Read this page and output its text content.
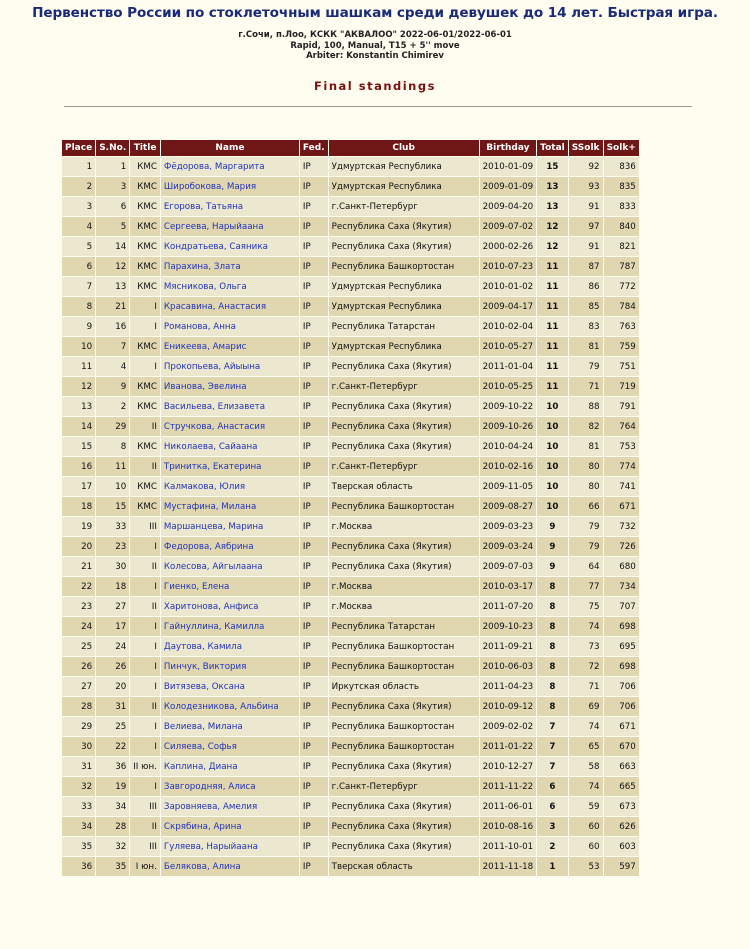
Первенство России по стоклеточным шашкам среди девушек до 14 лет. Быстрая игра.
г.Сочи, п.Лоо, КСКК "АКВАЛОО" 2022-06-01/2022-06-01
Rapid, 100, Manual, T15 + 5'' move
Arbiter: Konstantin Chimirev
Final standings
Place	S.No.	Title	Name	Fed.	Club	Birthday	Total	SSolk	Solk+
1	1	КМС	Фёдорова, Маргарита	IP	Удмуртская Республика	2010-01-09	15	92	836
2	3	КМС	Широбокова, Мария	IP	Удмуртская Республика	2009-01-09	13	93	835
3	6	КМС	Егорова, Татьяна	IP	г.Санкт-Петербург	2009-04-20	13	91	833
4	5	КМС	Сергеева, Нарыйаана	IP	Республика Саха (Якутия)	2009-07-02	12	97	840
5	14	КМС	Кондратьева, Саяника	IP	Республика Саха (Якутия)	2000-02-26	12	91	821
6	12	КМС	Парахина, Злата	IP	Республика Башкортостан	2010-07-23	11	87	787
7	13	КМС	Мясникова, Ольга	IP	Удмуртская Республика	2010-01-02	11	86	772
8	21	I	Красавина, Анастасия	IP	Удмуртская Республика	2009-04-17	11	85	784
9	16	I	Романова, Анна	IP	Республика Татарстан	2010-02-04	11	83	763
10	7	КМС	Еникеева, Амарис	IP	Удмуртская Республика	2010-05-27	11	81	759
11	4	I	Прокопьева, Айыына	IP	Республика Саха (Якутия)	2011-01-04	11	79	751
12	9	КМС	Иванова, Эвелина	IP	г.Санкт-Петербург	2010-05-25	11	71	719
13	2	КМС	Васильева, Елизавета	IP	Республика Саха (Якутия)	2009-10-22	10	88	791
14	29	II	Стручкова, Анастасия	IP	Республика Саха (Якутия)	2009-10-26	10	82	764
15	8	КМС	Николаева, Сайаана	IP	Республика Саха (Якутия)	2010-04-24	10	81	753
16	11	II	Тринитка, Екатерина	IP	г.Санкт-Петербург	2010-02-16	10	80	774
17	10	КМС	Калмакова, Юлия	IP	Тверская область	2009-11-05	10	80	741
18	15	КМС	Мустафина, Милана	IP	Республика Башкортостан	2009-08-27	10	66	671
19	33	III	Маршанцева, Марина	IP	г.Москва	2009-03-23	9	79	732
20	23	I	Федорова, Аябрина	IP	Республика Саха (Якутия)	2009-03-24	9	79	726
21	30	II	Колесова, Айгылаана	IP	Республика Саха (Якутия)	2009-07-03	9	64	680
22	18	I	Гиенко, Елена	IP	г.Москва	2010-03-17	8	77	734
23	27	II	Харитонова, Анфиса	IP	г.Москва	2011-07-20	8	75	707
24	17	I	Гайнуллина, Камилла	IP	Республика Татарстан	2009-10-23	8	74	698
25	24	I	Даутова, Камила	IP	Республика Башкортостан	2011-09-21	8	73	695
26	26	I	Пинчук, Виктория	IP	Республика Башкортостан	2010-06-03	8	72	698
27	20	I	Витязева, Оксана	IP	Иркутская область	2011-04-23	8	71	706
28	31	II	Колодезникова, Альбина	IP	Республика Саха (Якутия)	2010-09-12	8	69	706
29	25	I	Велиева, Милана	IP	Республика Башкортостан	2009-02-02	7	74	671
30	22	I	Силяева, Софья	IP	Республика Башкортостан	2011-01-22	7	65	670
31	36	II юн.	Каплина, Диана	IP	Республика Саха (Якутия)	2010-12-27	7	58	663
32	19	I	Завгородняя, Алиса	IP	г.Санкт-Петербург	2011-11-22	6	74	665
33	34	III	Заровняева, Амелия	IP	Республика Саха (Якутия)	2011-06-01	6	59	673
34	28	II	Скрябина, Арина	IP	Республика Саха (Якутия)	2010-08-16	3	60	626
35	32	III	Гуляева, Нарыйаана	IP	Республика Саха (Якутия)	2011-10-01	2	60	603
36	35	I юн.	Белякова, Алина	IP	Тверская область	2011-11-18	1	53	597
